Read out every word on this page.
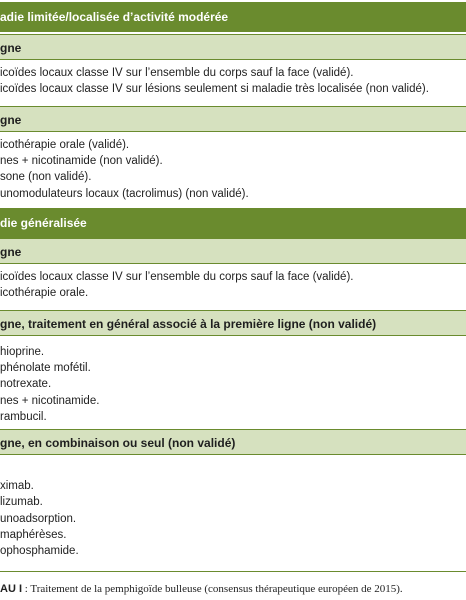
adie limitée/localisée d’activité modérée
gne
icoïdes locaux classe IV sur l’ensemble du corps sauf la face (validé).
icoïdes locaux classe IV sur lésions seulement si maladie très localisée (non validé).
gne
icothérapie orale (validé).
nes + nicotinamide (non validé).
sone (non validé).
unomodulateurs locaux (tacrolimus) (non validé).
die généralisée
gne
icoïdes locaux classe IV sur l’ensemble du corps sauf la face (validé).
icothérapie orale.
gne, traitement en général associé à la première ligne (non validé)
hioprine.
phénolate mofétil.
notrexate.
nes + nicotinamide.
rambucil.
gne, en combinaison ou seul (non validé)
ximab.
lizumab.
unoadsorption.
maphérèses.
ophosphamide.
AU I : Traitement de la pemphigoïde bulleuse (consensus thérapeutique européen de 2015).
